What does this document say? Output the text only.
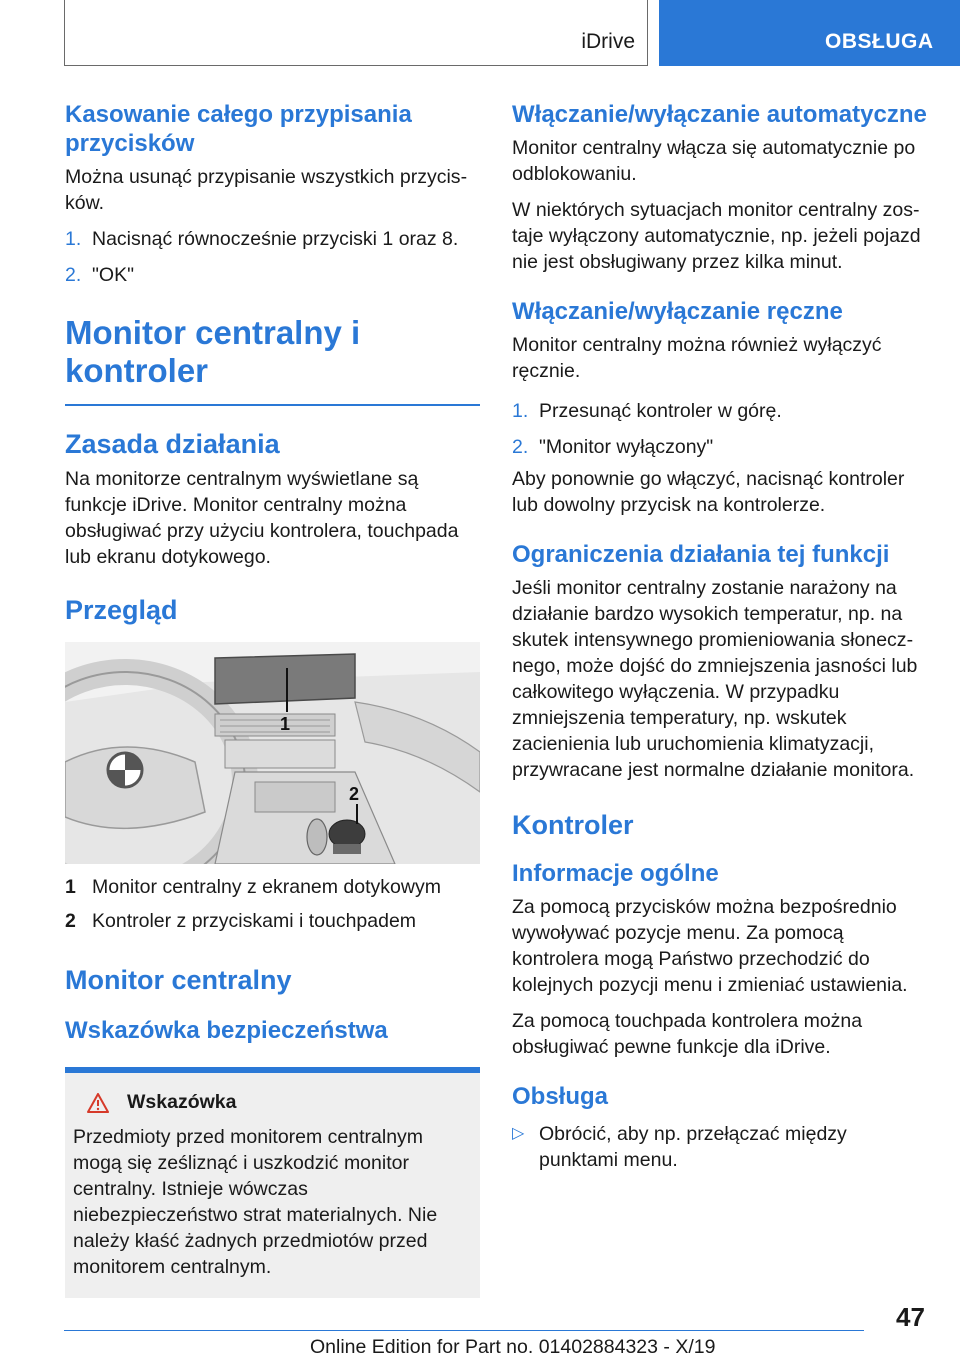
iDrive	OBSŁUGA
Kasowanie całego przypisania przycisków

Można usunąć przypisanie wszystkich przycisków.

1. Nacisnąć równocześnie przyciski 1 oraz 8.
2. "OK"
Monitor centralny i kontroler
Zasada działania

Na monitorze centralnym wyświetlane są funkcje iDrive. Monitor centralny można obsługiwać przy użyciu kontrolera, touchpada lub ekranu dotykowego.

Przegląd
1
2
1 Monitor centralny z ekranem dotykowym
2 Kontroler z przyciskami i touchpadem
Monitor centralny
Wskazówka bezpieczeństwa
Wskazówka

Przedmioty przed monitorem centralnym mogą się ześliznąć i uszkodzić monitor centralny. Istnieje wówczas niebezpieczeństwo strat materialnych. Nie należy kłaść żadnych przedmiotów przed monitorem centralnym.

Włączanie/wyłączanie automatyczne

Monitor centralny włącza się automatycznie po odblokowaniu.

W niektórych sytuacjach monitor centralny zostaje wyłączony automatycznie, np. jeżeli pojazd nie jest obsługiwany przez kilka minut.

Włączanie/wyłączanie ręczne

Monitor centralny można również wyłączyć ręcznie.

1. Przesunąć kontroler w górę.
2. "Monitor wyłączony"

Aby ponownie go włączyć, nacisnąć kontroler lub dowolny przycisk na kontrolerze.

Ograniczenia działania tej funkcji

Jeśli monitor centralny zostanie narażony na działanie bardzo wysokich temperatur, np. na skutek intensywnego promieniowania słonecznego, może dojść do zmniejszenia jasności lub całkowitego wyłączenia. W przypadku zmniejszenia temperatury, np. wskutek zacienienia lub uruchomienia klimatyzacji, przywracane jest normalne działanie monitora.

Kontroler
Informacje ogólne

Za pomocą przycisków można bezpośrednio wywoływać pozycje menu. Za pomocą kontrolera mogą Państwo przechodzić do kolejnych pozycji menu i zmieniać ustawienia.

Za pomocą touchpada kontrolera można obsługiwać pewne funkcje dla iDrive.

Obsługa
▷ Obrócić, aby np. przełączać między punktami menu.
47
Online Edition for Part no. 01402884323 - X/19
